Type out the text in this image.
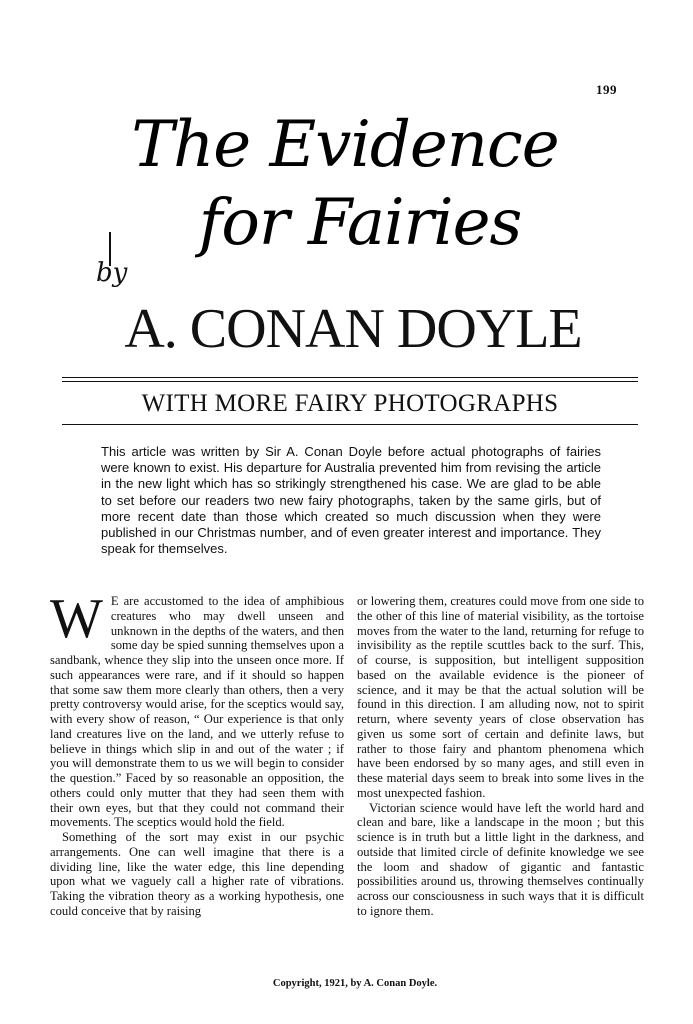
199
The Evidence
for Fairies
by
A. CONAN DOYLE
WITH MORE FAIRY PHOTOGRAPHS

This article was written by Sir A. Conan Doyle before actual photographs of fairies were known to exist. His departure for Australia prevented him from revising the article in the new light which has so strikingly strengthened his case. We are glad to be able to set before our readers two new fairy photographs, taken by the same girls, but of more recent date than those which created so much discussion when they were published in our Christmas number, and of even greater interest and importance. They speak for themselves.

W E are accustomed to the idea of amphibious creatures who may dwell unseen and unknown in the depths of the waters, and then some day be spied sunning themselves upon a sandbank, whence they slip into the unseen once more. If such appearances were rare, and if it should so happen that some saw them more clearly than others, then a very pretty controversy would arise, for the sceptics would say, with every show of reason, “ Our experience is that only land creatures live on the land, and we utterly refuse to believe in things which slip in and out of the water ; if you will demonstrate them to us we will begin to consider the question.” Faced by so reasonable an opposition, the others could only mutter that they had seen them with their own eyes, but that they could not command their movements. The sceptics would hold the field.

Something of the sort may exist in our psychic arrangements. One can well imagine that there is a dividing line, like the water edge, this line depending upon what we vaguely call a higher rate of vibrations. Taking the vibration theory as a working hypothesis, one could conceive that by raising

or lowering them, creatures could move from one side to the other of this line of material visibility, as the tortoise moves from the water to the land, returning for refuge to invisibility as the reptile scuttles back to the surf. This, of course, is supposition, but intelligent supposition based on the available evidence is the pioneer of science, and it may be that the actual solution will be found in this direction. I am alluding now, not to spirit return, where seventy years of close observation has given us some sort of certain and definite laws, but rather to those fairy and phantom phenomena which have been endorsed by so many ages, and still even in these material days seem to break into some lives in the most unexpected fashion.

Victorian science would have left the world hard and clean and bare, like a landscape in the moon ; but this science is in truth but a little light in the darkness, and outside that limited circle of definite knowledge we see the loom and shadow of gigantic and fantastic possibilities around us, throwing themselves continually across our consciousness in such ways that it is difficult to ignore them.

Copyright, 1921, by A. Conan Doyle.
